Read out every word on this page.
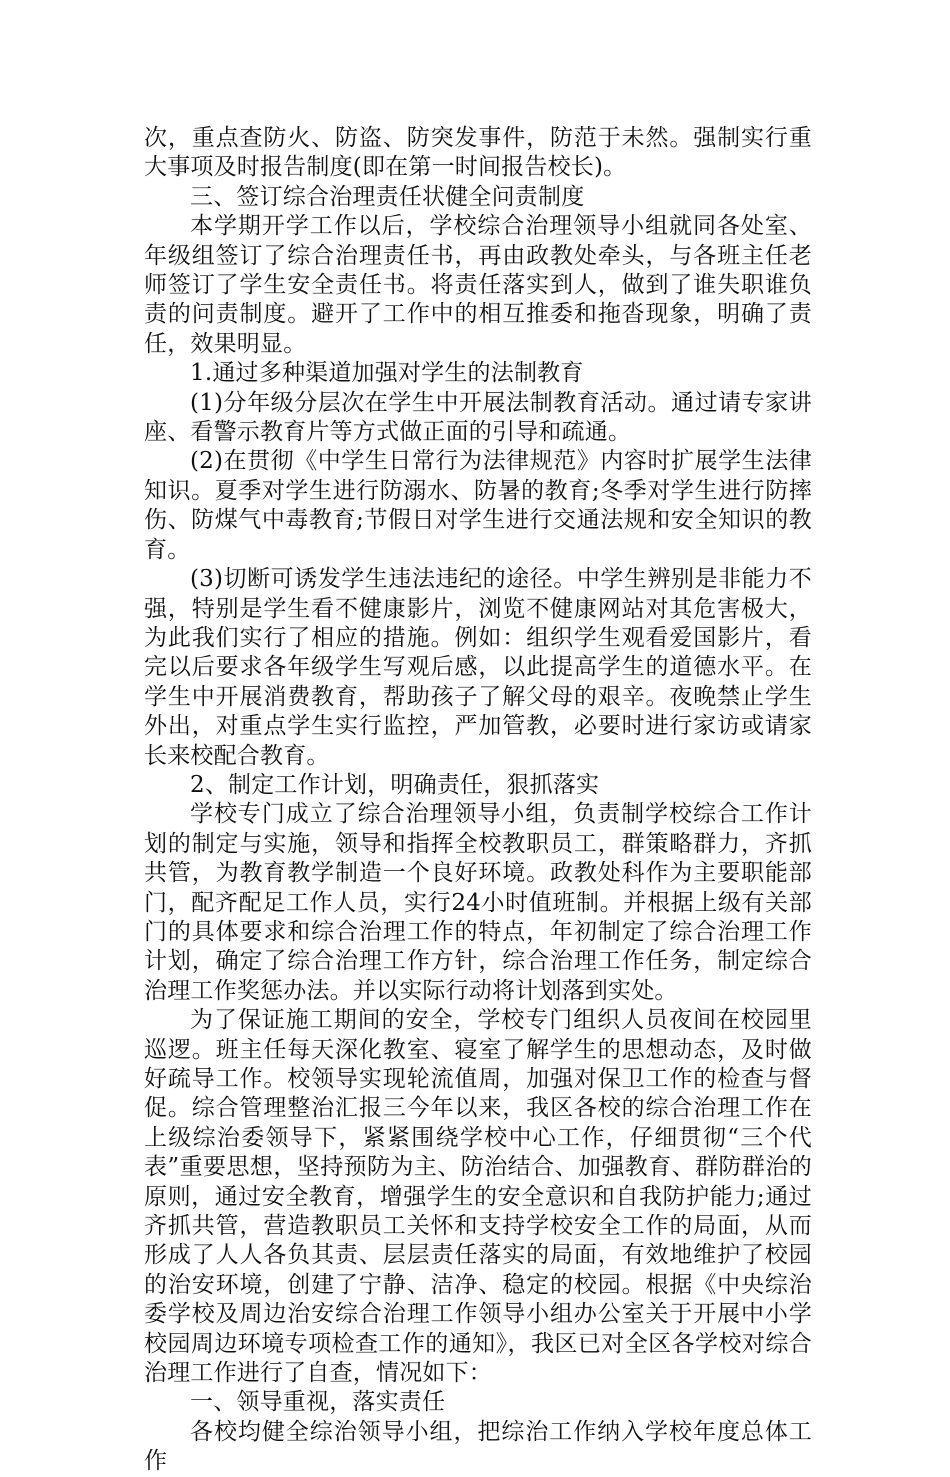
次，重点查防火、防盗、防突发事件，防范于未然。强制实行重大事项及时报告制度(即在第一时间报告校长)。

三、签订综合治理责任状健全问责制度

本学期开学工作以后，学校综合治理领导小组就同各处室、年级组签订了综合治理责任书，再由政教处牵头，与各班主任老师签订了学生安全责任书。将责任落实到人，做到了谁失职谁负责的问责制度。避开了工作中的相互推委和拖沓现象，明确了责任，效果明显。

1.通过多种渠道加强对学生的法制教育

(1)分年级分层次在学生中开展法制教育活动。通过请专家讲座、看警示教育片等方式做正面的引导和疏通。

(2)在贯彻《中学生日常行为法律规范》内容时扩展学生法律知识。夏季对学生进行防溺水、防暑的教育;冬季对学生进行防摔伤、防煤气中毒教育;节假日对学生进行交通法规和安全知识的教育。

(3)切断可诱发学生违法违纪的途径。中学生辨别是非能力不强，特别是学生看不健康影片，浏览不健康网站对其危害极大，为此我们实行了相应的措施。例如：组织学生观看爱国影片，看完以后要求各年级学生写观后感，以此提高学生的道德水平。在学生中开展消费教育，帮助孩子了解父母的艰辛。夜晚禁止学生外出，对重点学生实行监控，严加管教，必要时进行家访或请家长来校配合教育。

2、制定工作计划，明确责任，狠抓落实

学校专门成立了综合治理领导小组，负责制学校综合工作计划的制定与实施，领导和指挥全校教职员工，群策略群力，齐抓共管，为教育教学制造一个良好环境。政教处科作为主要职能部门，配齐配足工作人员，实行24小时值班制。并根据上级有关部门的具体要求和综合治理工作的特点，年初制定了综合治理工作计划，确定了综合治理工作方针，综合治理工作任务，制定综合治理工作奖惩办法。并以实际行动将计划落到实处。

为了保证施工期间的安全，学校专门组织人员夜间在校园里巡逻。班主任每天深化教室、寝室了解学生的思想动态，及时做好疏导工作。校领导实现轮流值周，加强对保卫工作的检查与督促。综合管理整治汇报三今年以来，我区各校的综合治理工作在上级综治委领导下，紧紧围绕学校中心工作，仔细贯彻“三个代表”重要思想，坚持预防为主、防治结合、加强教育、群防群治的原则，通过安全教育，增强学生的安全意识和自我防护能力;通过齐抓共管，营造教职员工关怀和支持学校安全工作的局面，从而形成了人人各负其责、层层责任落实的局面，有效地维护了校园的治安环境，创建了宁静、洁净、稳定的校园。根据《中央综治委学校及周边治安综合治理工作领导小组办公室关于开展中小学校园周边环境专项检查工作的通知》，我区已对全区各学校对综合治理工作进行了自查，情况如下：

一、领导重视，落实责任

各校均健全综治领导小组，把综治工作纳入学校年度总体工作
